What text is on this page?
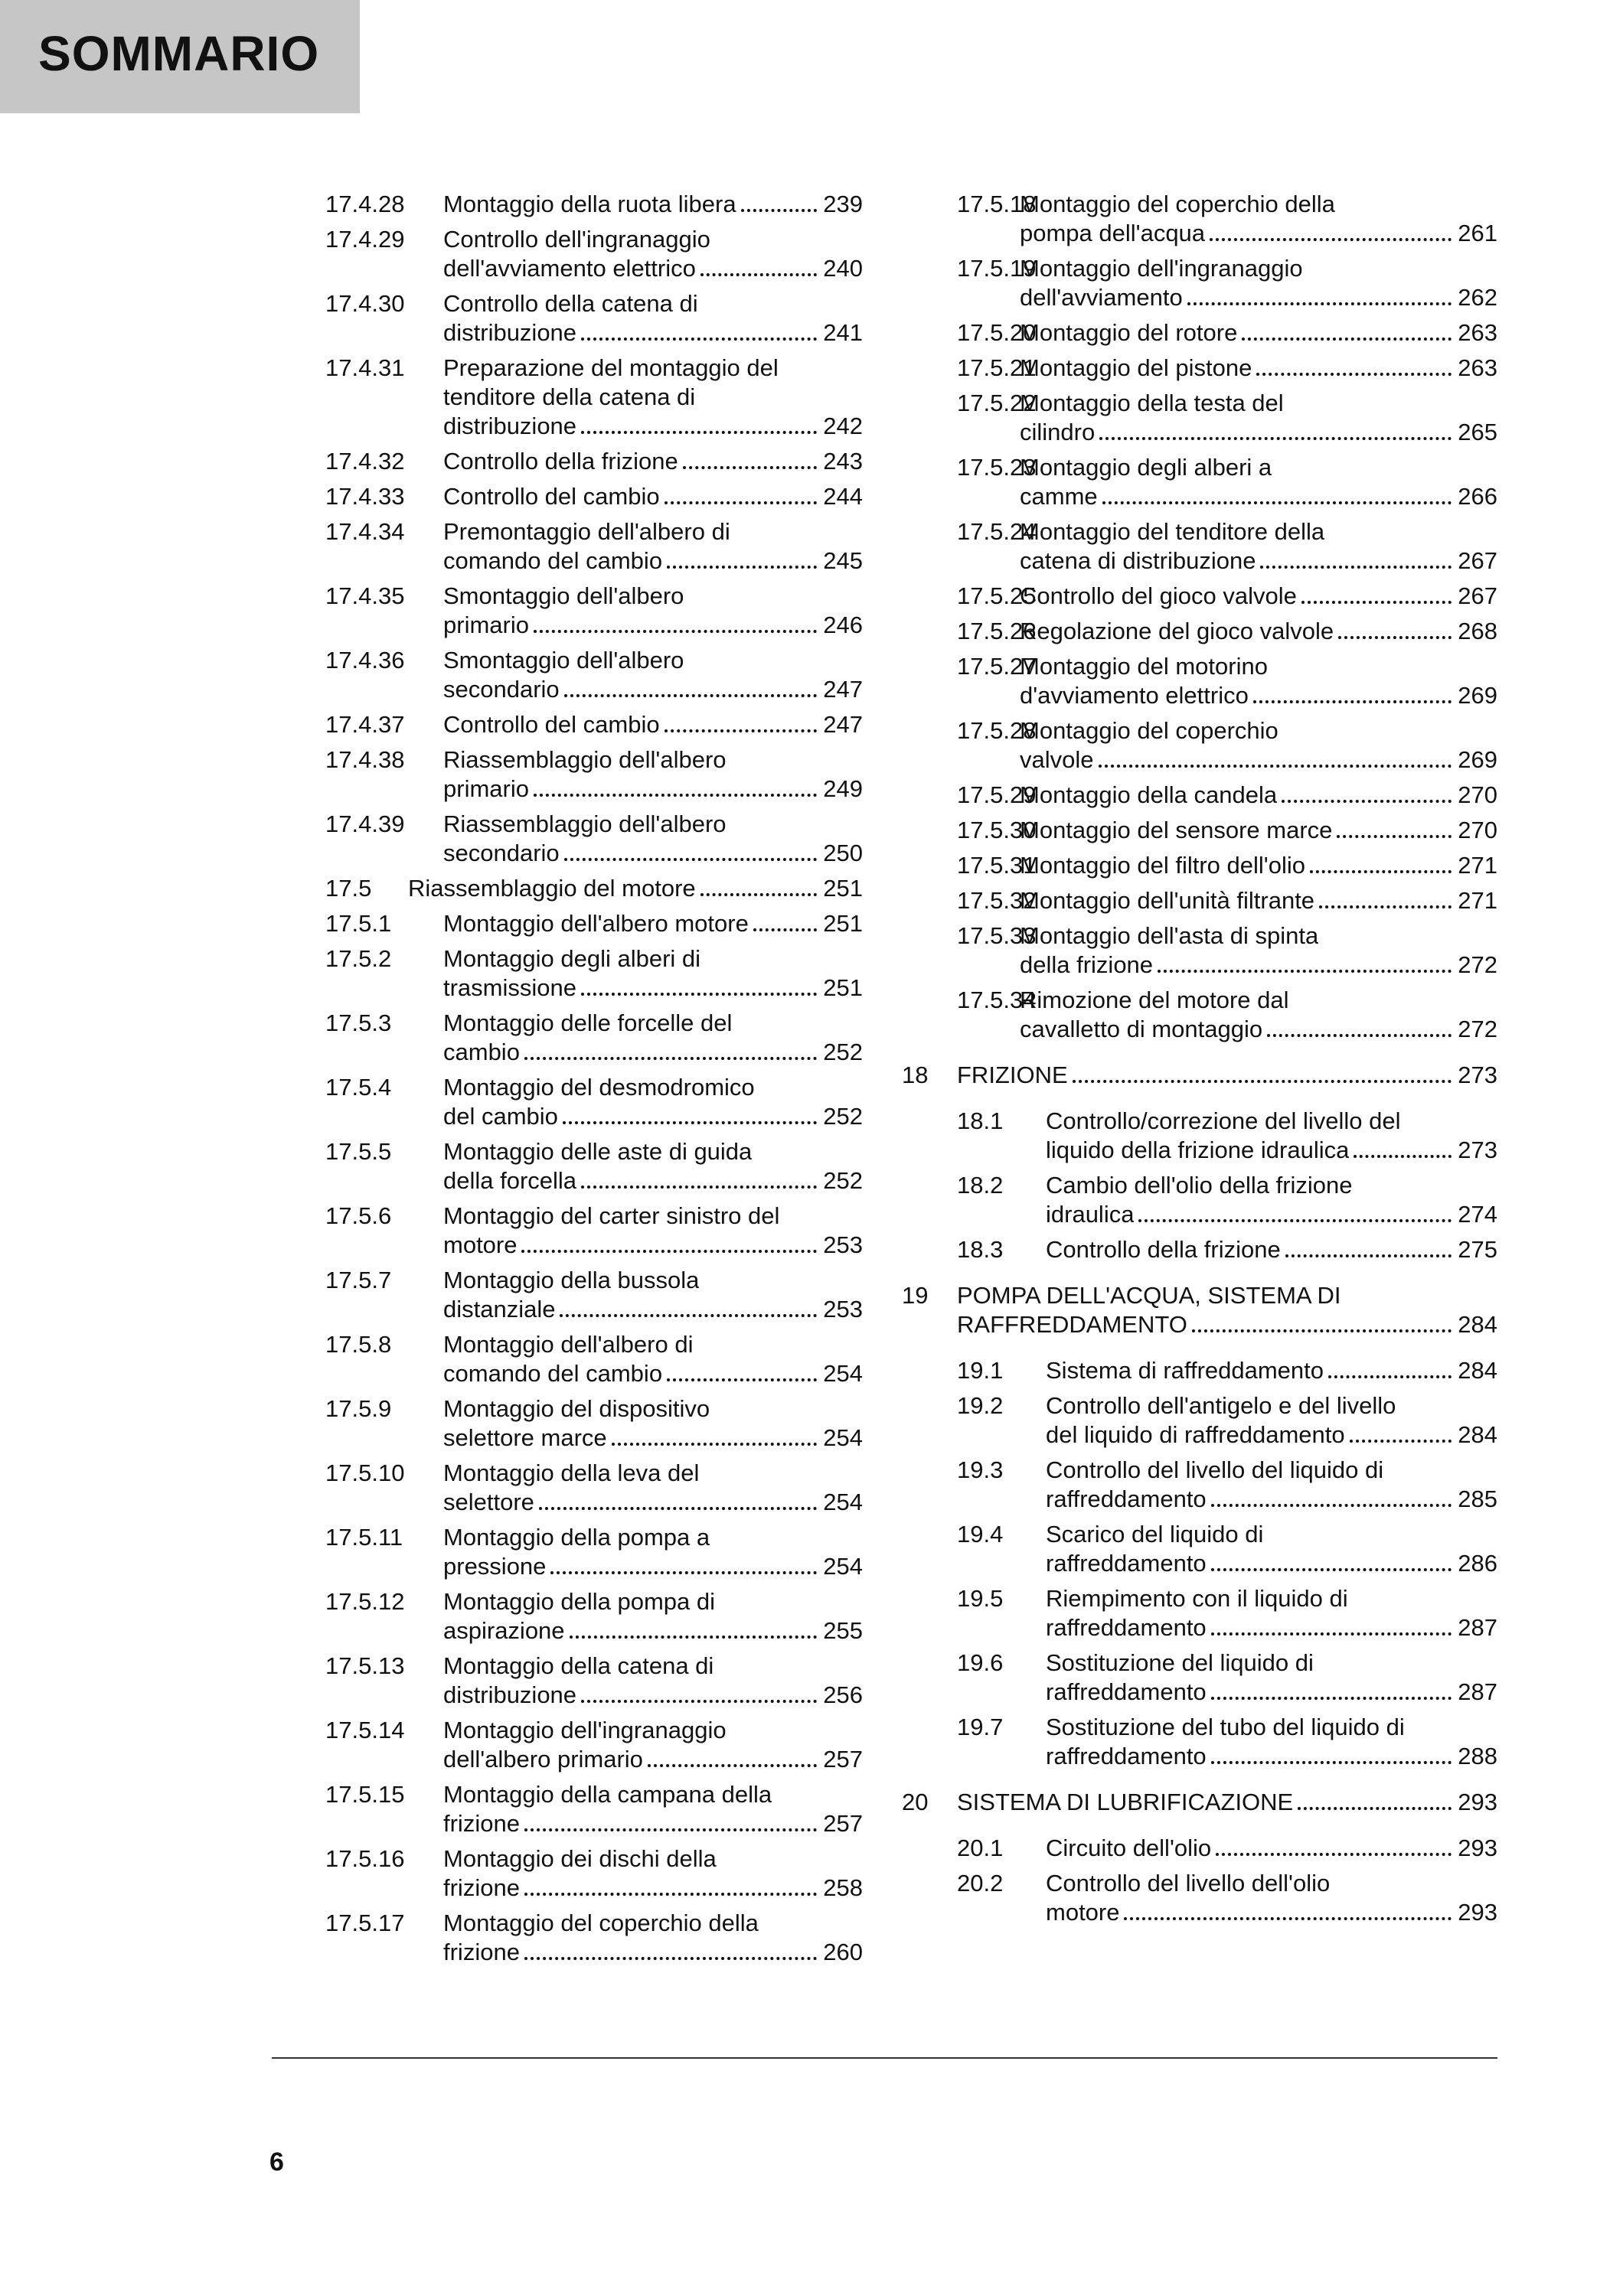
SOMMARIO
17.4.28 Montaggio della ruota libera	239
17.4.29 Controllo dell'ingranaggio
dell'avviamento elettrico	240
17.4.30 Controllo della catena di
distribuzione	241
17.4.31 Preparazione del montaggio del
tenditore della catena di
distribuzione	242
17.4.32 Controllo della frizione	243
17.4.33 Controllo del cambio	244
17.4.34 Premontaggio dell'albero di
comando del cambio	245
17.4.35 Smontaggio dell'albero
primario	246
17.4.36 Smontaggio dell'albero
secondario	247
17.4.37 Controllo del cambio	247
17.4.38 Riassemblaggio dell'albero
primario	249
17.4.39 Riassemblaggio dell'albero
secondario	250
17.5 Riassemblaggio del motore	251
17.5.1 Montaggio dell'albero motore	251
17.5.2 Montaggio degli alberi di
trasmissione	251
17.5.3 Montaggio delle forcelle del
cambio	252
17.5.4 Montaggio del desmodromico
del cambio	252
17.5.5 Montaggio delle aste di guida
della forcella	252
17.5.6 Montaggio del carter sinistro del
motore	253
17.5.7 Montaggio della bussola
distanziale	253
17.5.8 Montaggio dell'albero di
comando del cambio	254
17.5.9 Montaggio del dispositivo
selettore marce	254
17.5.10 Montaggio della leva del
selettore	254
17.5.11 Montaggio della pompa a
pressione	254
17.5.12 Montaggio della pompa di
aspirazione	255
17.5.13 Montaggio della catena di
distribuzione	256
17.5.14 Montaggio dell'ingranaggio
dell'albero primario	257
17.5.15 Montaggio della campana della
frizione	257
17.5.16 Montaggio dei dischi della
frizione	258
17.5.17 Montaggio del coperchio della
frizione	260
17.5.18
Montaggio del coperchio della
pompa dell'acqua	261
17.5.19
Montaggio dell'ingranaggio
dell'avviamento	262
17.5.20
Montaggio del rotore	263
17.5.21
Montaggio del pistone	263
17.5.22
Montaggio della testa del
cilindro	265
17.5.23
Montaggio degli alberi a
camme	266
17.5.24
Montaggio del tenditore della
catena di distribuzione	267
17.5.25
Controllo del gioco valvole	267
17.5.26
Regolazione del gioco valvole	268
17.5.27
Montaggio del motorino
d'avviamento elettrico	269
17.5.28
Montaggio del coperchio
valvole	269
17.5.29
Montaggio della candela	270
17.5.30
Montaggio del sensore marce	270
17.5.31
Montaggio del filtro dell'olio	271
17.5.32
Montaggio dell'unità filtrante	271
17.5.33
Montaggio dell'asta di spinta
della frizione	272
17.5.34
Rimozione del motore dal
cavalletto di montaggio	272
18 FRIZIONE	273
18.1 Controllo/correzione del livello del
liquido della frizione idraulica	273
18.2 Cambio dell'olio della frizione
idraulica	274
18.3 Controllo della frizione	275
19 POMPA DELL'ACQUA, SISTEMA DI
RAFFREDDAMENTO	284
19.1 Sistema di raffreddamento	284
19.2 Controllo dell'antigelo e del livello
del liquido di raffreddamento	284
19.3 Controllo del livello del liquido di
raffreddamento	285
19.4 Scarico del liquido di
raffreddamento	286
19.5 Riempimento con il liquido di
raffreddamento	287
19.6 Sostituzione del liquido di
raffreddamento	287
19.7 Sostituzione del tubo del liquido di
raffreddamento	288
20 SISTEMA DI LUBRIFICAZIONE	293
20.1 Circuito dell'olio	293
20.2 Controllo del livello dell'olio
motore	293
6
